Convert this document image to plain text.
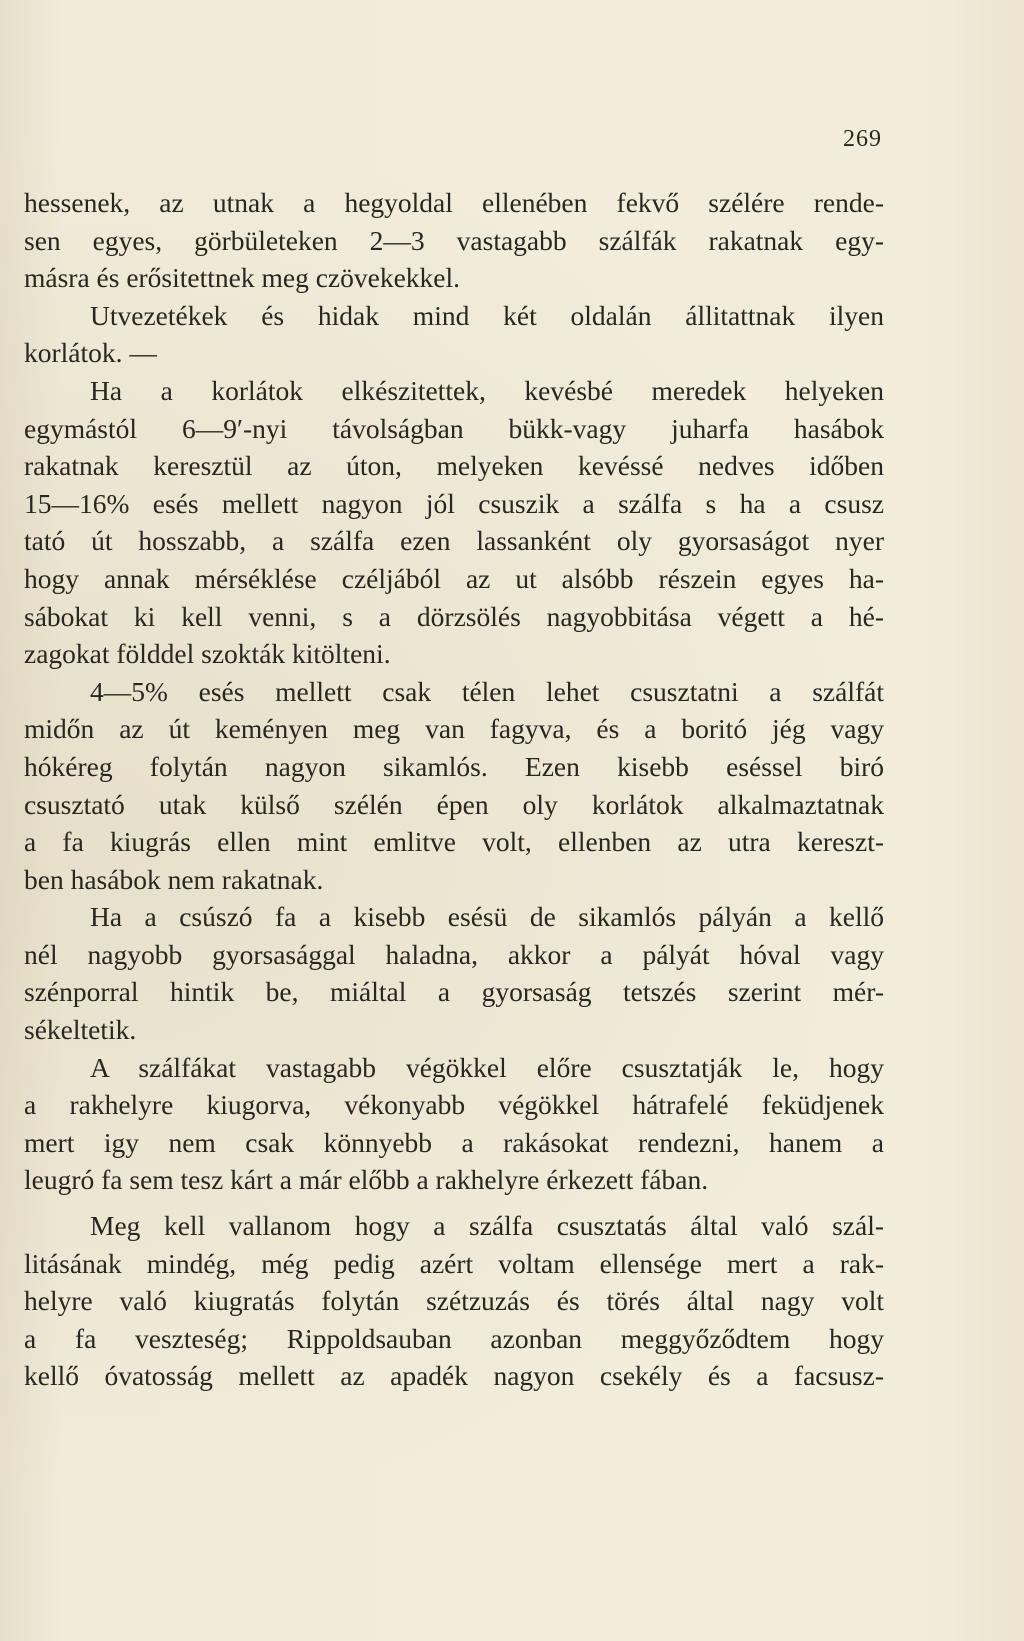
269
hessenek, az utnak a hegyoldal ellenében fekvő szélére rende-
sen egyes, görbületeken 2—3 vastagabb szálfák rakatnak egy-
másra és erősitettnek meg czövekekkel.
Utvezetékek és hidak mind két oldalán állitattnak ilyen
korlátok. —
Ha a korlátok elkészitettek, kevésbé meredek helyeken
egymástól 6—9′-nyi távolságban bükk-vagy juharfa hasábok
rakatnak keresztül az úton, melyeken kevéssé nedves időben
15—16% esés mellett nagyon jól csuszik a szálfa s ha a csusz
tató út hosszabb, a szálfa ezen lassanként oly gyorsaságot nyer
hogy annak mérséklése czéljából az ut alsóbb részein egyes ha-
sábokat ki kell venni, s a dörzsölés nagyobbitása végett a hé-
zagokat földdel szokták kitölteni.
4—5% esés mellett csak télen lehet csusztatni a szálfát
midőn az út keményen meg van fagyva, és a boritó jég vagy
hókéreg folytán nagyon sikamlós. Ezen kisebb eséssel biró
csusztató utak külső szélén épen oly korlátok alkalmaztatnak
a fa kiugrás ellen mint emlitve volt, ellenben az utra kereszt-
ben hasábok nem rakatnak.
Ha a csúszó fa a kisebb esésü de sikamlós pályán a kellő
nél nagyobb gyorsasággal haladna, akkor a pályát hóval vagy
szénporral hintik be, miáltal a gyorsaság tetszés szerint mér-
sékeltetik.
A szálfákat vastagabb végökkel előre csusztatják le, hogy
a rakhelyre kiugorva, vékonyabb végökkel hátrafelé feküdjenek
mert igy nem csak könnyebb a rakásokat rendezni, hanem a
leugró fa sem tesz kárt a már előbb a rakhelyre érkezett fában.
Meg kell vallanom hogy a szálfa csusztatás által való szál-
litásának mindég, még pedig azért voltam ellensége mert a rak-
helyre való kiugratás folytán szétzuzás és törés által nagy volt
a fa veszteség; Rippoldsauban azonban meggyőződtem hogy
kellő óvatosság mellett az apadék nagyon csekély és a facsusz-
